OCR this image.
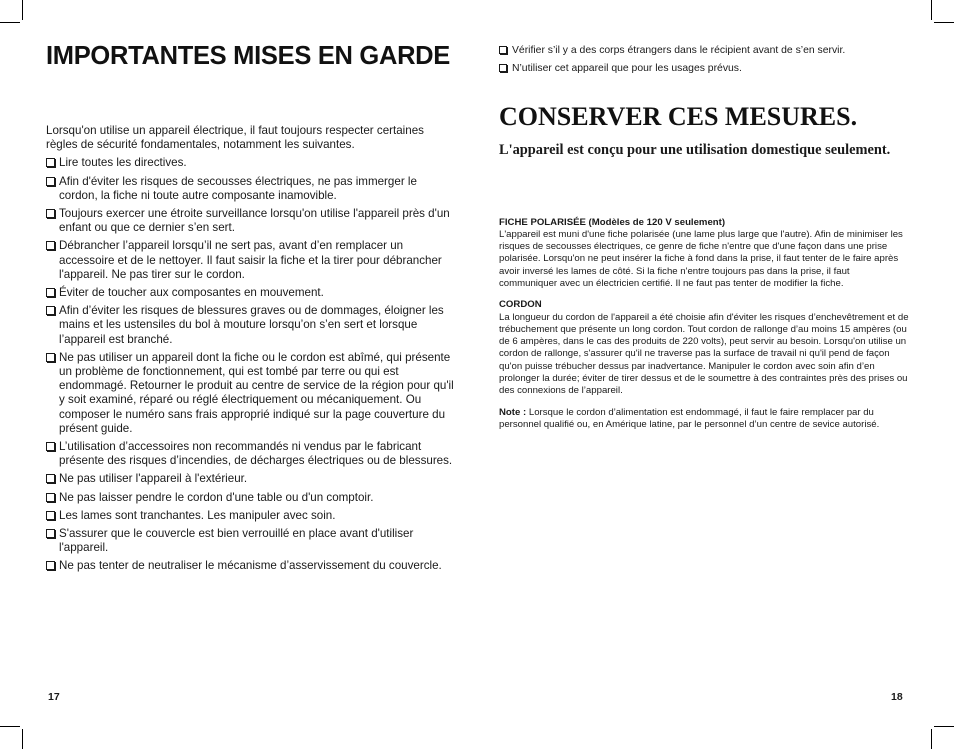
IMPORTANTES MISES EN GARDE

Lorsqu'on utilise un appareil électrique, il faut toujours respecter certaines règles de sécurité fondamentales, notamment les suivantes.

Lire toutes les directives.
Afin d'éviter les risques de secousses électriques, ne pas immerger le cordon, la fiche ni toute autre composante inamovible.
Toujours exercer une étroite surveillance lorsqu'on utilise l'appareil près d'un enfant ou que ce dernier s’en sert.
Débrancher l’appareil lorsqu’il ne sert pas, avant d’en remplacer un accessoire et de le nettoyer. Il faut saisir la fiche et la tirer pour débrancher l'appareil. Ne pas tirer sur le cordon.
Éviter de toucher aux composantes en mouvement.
Afin d’éviter les risques de blessures graves ou de dommages, éloigner les mains et les ustensiles du bol à mouture lorsqu’on s’en sert et lorsque l’appareil est branché.
Ne pas utiliser un appareil dont la fiche ou le cordon est abîmé, qui présente un problème de fonctionnement, qui est tombé par terre ou qui est endommagé. Retourner le produit au centre de service de la région pour qu'il y soit examiné, réparé ou réglé électriquement ou mécaniquement. Ou composer le numéro sans frais approprié indiqué sur la page couverture du présent guide.
L’utilisation d’accessoires non recommandés ni vendus par le fabricant présente des risques d’incendies, de décharges électriques ou de blessures.
Ne pas utiliser l'appareil à l'extérieur.
Ne pas laisser pendre le cordon d'une table ou d'un comptoir.
Les lames sont tranchantes. Les manipuler avec soin.
S'assurer que le couvercle est bien verrouillé en place avant d'utiliser l'appareil.
Ne pas tenter de neutraliser le mécanisme d’asservissement du couvercle.
17
Vérifier s’il y a des corps étrangers dans le récipient avant de s’en servir.
N’utiliser cet appareil que pour les usages prévus.
CONSERVER CES MESURES.

L'appareil est conçu pour une utilisation domestique seulement.

FICHE POLARISÉE (Modèles de 120 V seulement)

L'appareil est muni d'une fiche polarisée (une lame plus large que l'autre). Afin de minimiser les risques de secousses électriques, ce genre de fiche n'entre que d'une façon dans une prise polarisée. Lorsqu'on ne peut insérer la fiche à fond dans la prise, il faut tenter de le faire après avoir inversé les lames de côté. Si la fiche n'entre toujours pas dans la prise, il faut communiquer avec un électricien certifié. Il ne faut pas tenter de modifier la fiche.

CORDON

La longueur du cordon de l'appareil a été choisie afin d'éviter les risques d’enchevêtrement et de trébuchement que présente un long cordon. Tout cordon de rallonge d’au moins 15 ampères (ou de 6 ampères, dans le cas des produits de 220 volts), peut servir au besoin. Lorsqu'on utilise un cordon de rallonge, s'assurer qu'il ne traverse pas la surface de travail ni qu'il pend de façon qu'on puisse trébucher dessus par inadvertance. Manipuler le cordon avec soin afin d’en prolonger la durée; éviter de tirer dessus et de le soumettre à des contraintes près des prises ou des connexions de l’appareil.

Note : Lorsque le cordon d’alimentation est endommagé, il faut le faire remplacer par du personnel qualifié ou, en Amérique latine, par le personnel d’un centre de sevice autorisé.

18
